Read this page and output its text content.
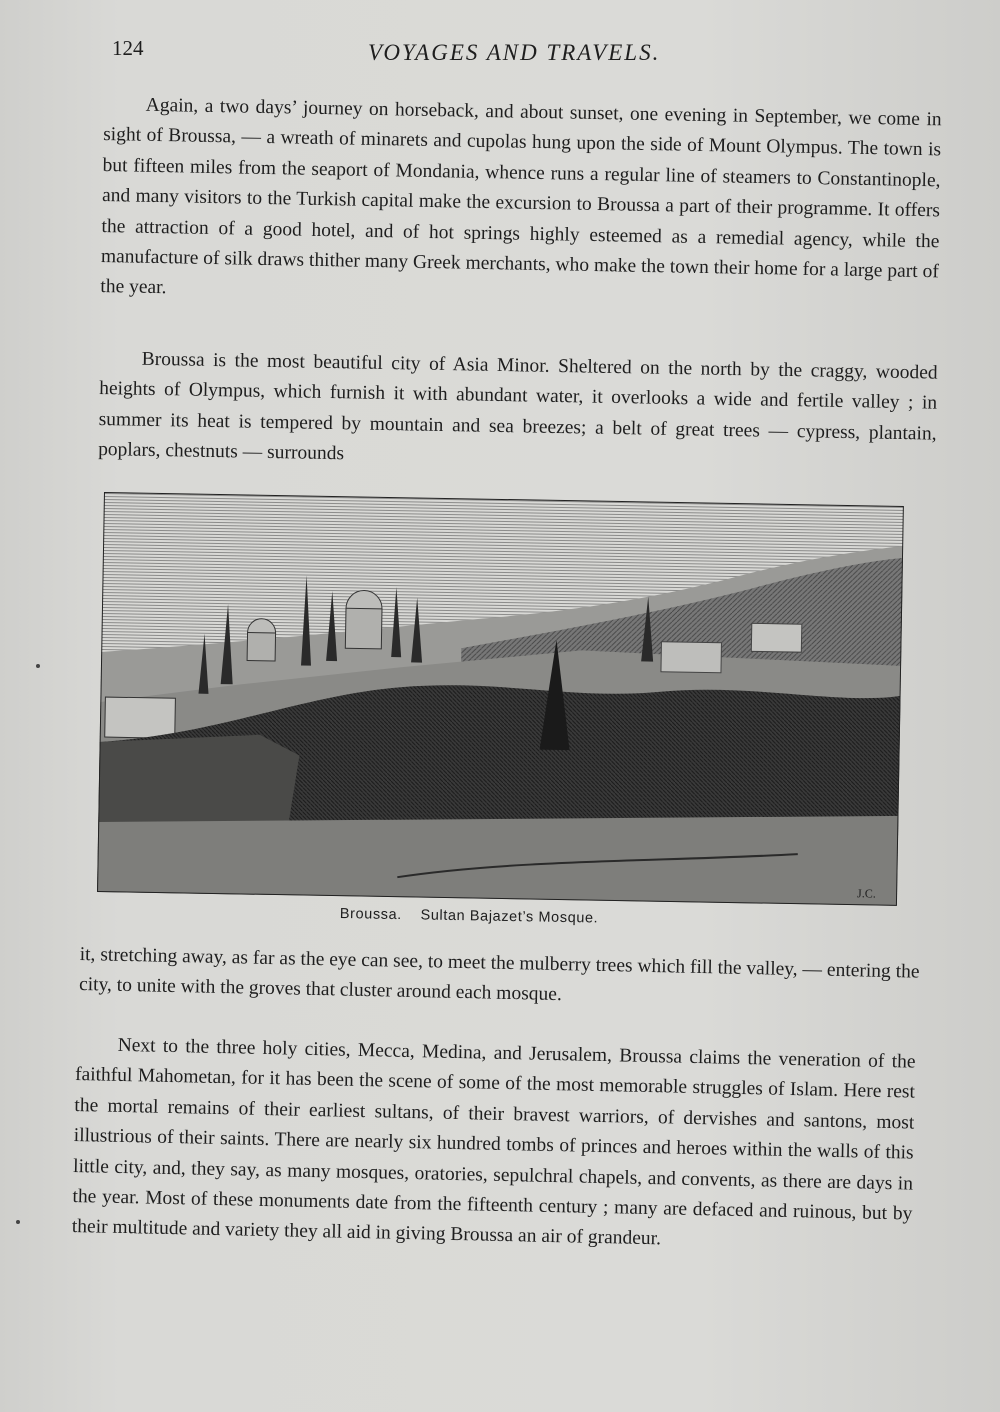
124	VOYAGES AND TRAVELS.

Again, a two days’ journey on horseback, and about sunset, one evening in September, we come in sight of Broussa, — a wreath of minarets and cupolas hung upon the side of Mount Olympus. The town is but fifteen miles from the seaport of Mondania, whence runs a regular line of steamers to Constantinople, and many visitors to the Turkish capital make the excursion to Broussa a part of their programme. It offers the attraction of a good hotel, and of hot springs highly esteemed as a remedial agency, while the manufacture of silk draws thither many Greek merchants, who make the town their home for a large part of the year.

Broussa is the most beautiful city of Asia Minor. Sheltered on the north by the craggy, wooded heights of Olympus, which furnish it with abundant water, it overlooks a wide and fertile valley ; in summer its heat is tempered by mountain and sea breezes; a belt of great trees — cypress, plantain, poplars, chestnuts — surrounds

J.C.
Broussa. Sultan Bajazet’s Mosque.

it, stretching away, as far as the eye can see, to meet the mulberry trees which fill the valley, — entering the city, to unite with the groves that cluster around each mosque.

Next to the three holy cities, Mecca, Medina, and Jerusalem, Broussa claims the veneration of the faithful Mahometan, for it has been the scene of some of the most memorable struggles of Islam. Here rest the mortal remains of their earliest sultans, of their bravest warriors, of dervishes and santons, most illustrious of their saints. There are nearly six hundred tombs of princes and heroes within the walls of this little city, and, they say, as many mosques, oratories, sepulchral chapels, and convents, as there are days in the year. Most of these monuments date from the fifteenth century ; many are defaced and ruinous, but by their multitude and variety they all aid in giving Broussa an air of grandeur.
